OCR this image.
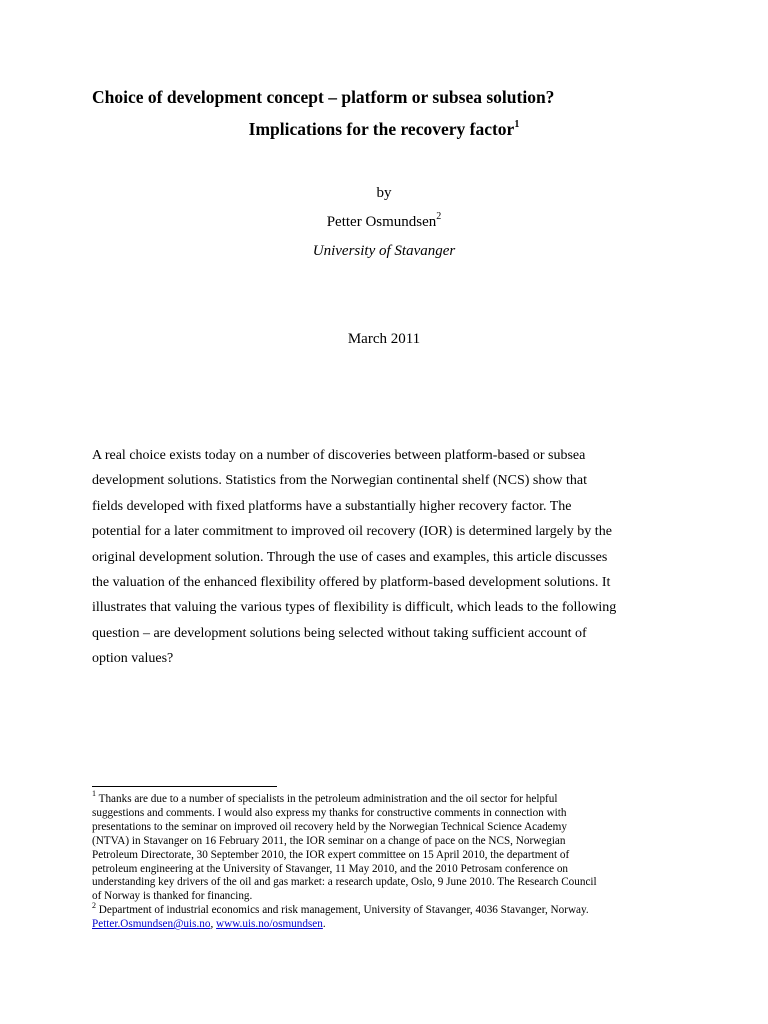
Choice of development concept – platform or subsea solution?
Implications for the recovery factor$^1$
by
Petter Osmundsen$^2$
University of Stavanger
March 2011
A real choice exists today on a number of discoveries between platform-based or subsea
development solutions. Statistics from the Norwegian continental shelf (NCS) show that
fields developed with fixed platforms have a substantially higher recovery factor. The
potential for a later commitment to improved oil recovery (IOR) is determined largely by the
original development solution. Through the use of cases and examples, this article discusses
the valuation of the enhanced flexibility offered by platform-based development solutions. It
illustrates that valuing the various types of flexibility is difficult, which leads to the following
question – are development solutions being selected without taking sufficient account of
option values?
$^1$ Thanks are due to a number of specialists in the petroleum administration and the oil sector for helpful
suggestions and comments. I would also express my thanks for constructive comments in connection with
presentations to the seminar on improved oil recovery held by the Norwegian Technical Science Academy
(NTVA) in Stavanger on 16 February 2011, the IOR seminar on a change of pace on the NCS, Norwegian
Petroleum Directorate, 30 September 2010, the IOR expert committee on 15 April 2010, the department of
petroleum engineering at the University of Stavanger, 11 May 2010, and the 2010 Petrosam conference on
understanding key drivers of the oil and gas market: a research update, Oslo, 9 June 2010. The Research Council
of Norway is thanked for financing.
$^2$ Department of industrial economics and risk management, University of Stavanger, 4036 Stavanger, Norway.
Petter.Osmundsen@uis.no, www.uis.no/osmundsen.
